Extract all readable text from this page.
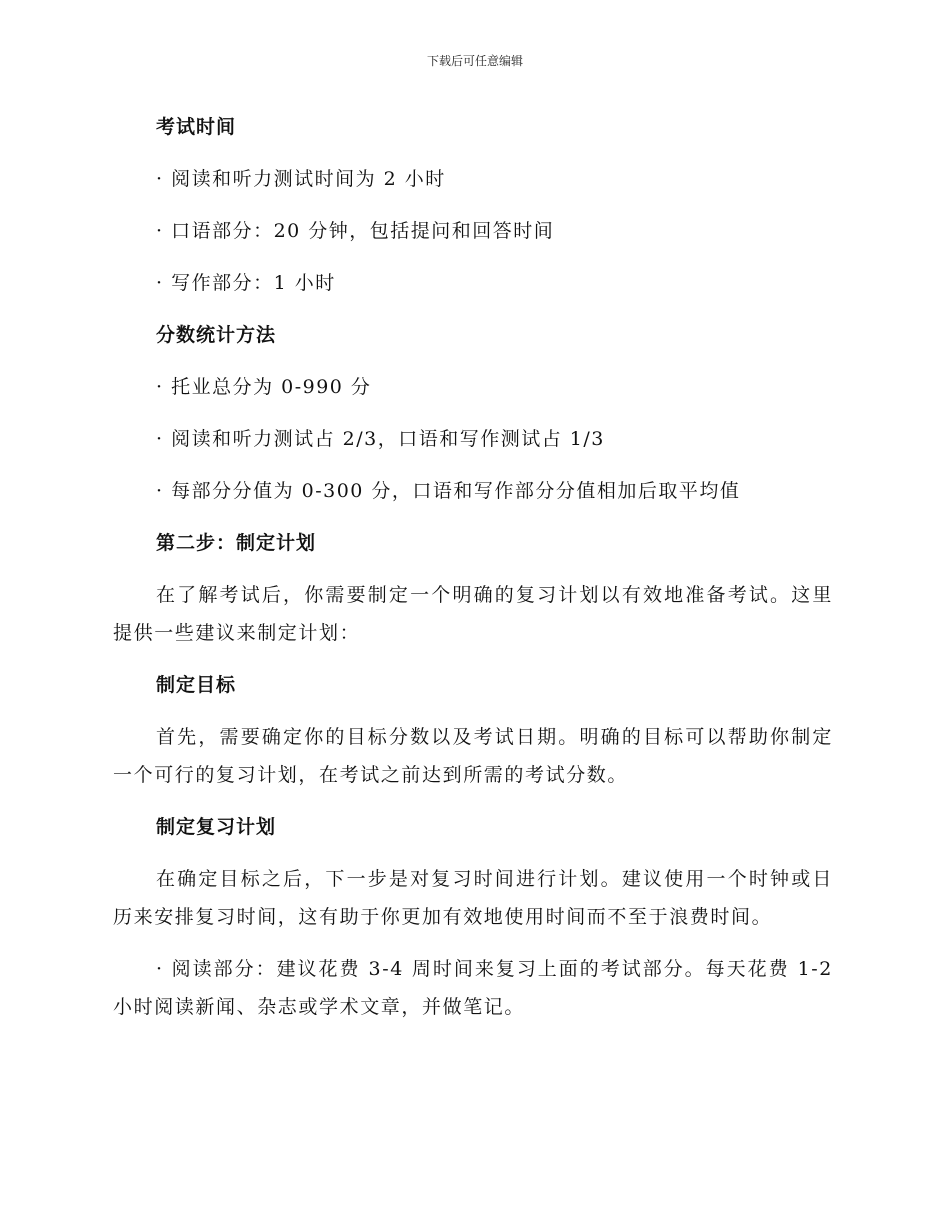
下载后可任意编辑
考试时间

· 阅读和听力测试时间为 2 小时

· 口语部分：20 分钟，包括提问和回答时间

· 写作部分：1 小时

分数统计方法

· 托业总分为 0-990 分

· 阅读和听力测试占 2/3，口语和写作测试占 1/3

· 每部分分值为 0-300 分，口语和写作部分分值相加后取平均值

第二步：制定计划

在了解考试后，你需要制定一个明确的复习计划以有效地准备考试。这里提供一些建议来制定计划：

制定目标

首先，需要确定你的目标分数以及考试日期。明确的目标可以帮助你制定一个可行的复习计划，在考试之前达到所需的考试分数。

制定复习计划

在确定目标之后，下一步是对复习时间进行计划。建议使用一个时钟或日历来安排复习时间，这有助于你更加有效地使用时间而不至于浪费时间。

· 阅读部分：建议花费 3-4 周时间来复习上面的考试部分。每天花费 1-2 小时阅读新闻、杂志或学术文章，并做笔记。
